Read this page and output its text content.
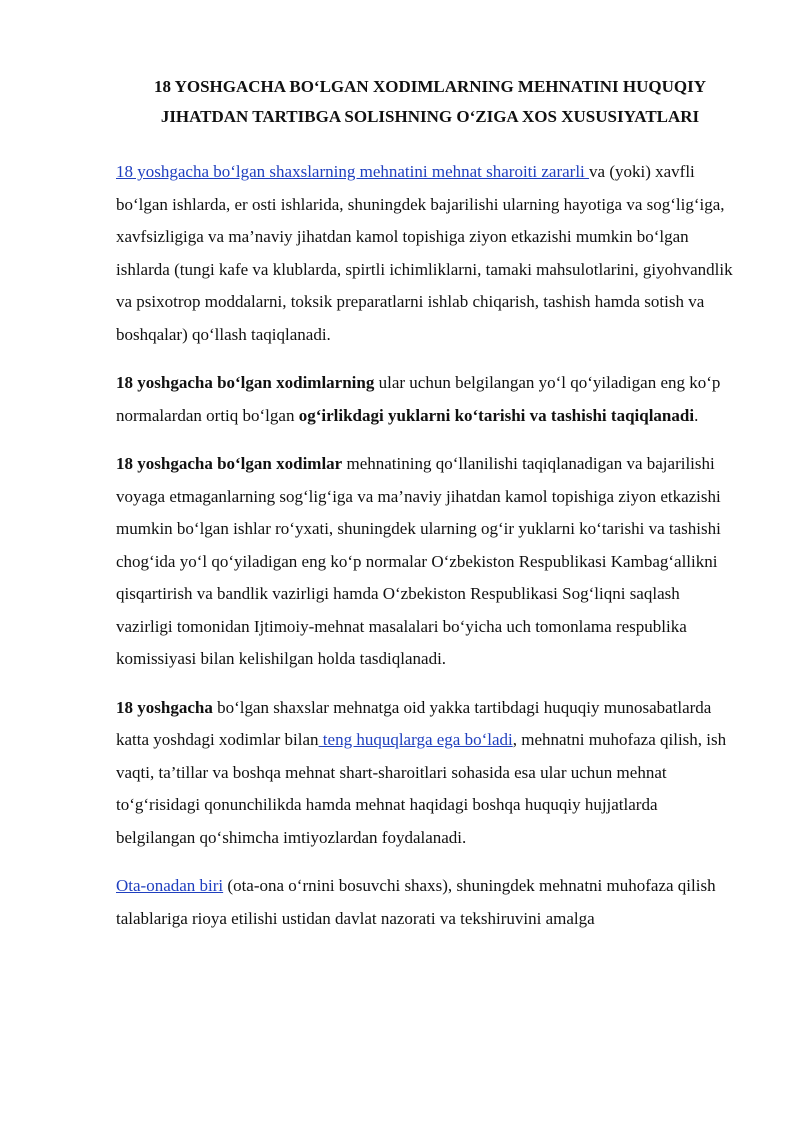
18 YOSHGACHA BO‘LGAN XODIMLARNING MEHNATINI HUQUQIY
JIHATDAN TARTIBGA SOLISHNING O‘ZIGA XOS XUSUSIYATLARI

18 yoshgacha bo‘lgan shaxslarning mehnatini mehnat sharoiti zararli va (yoki) xavfli bo‘lgan ishlarda, er osti ishlarida, shuningdek bajarilishi ularning hayotiga va sog‘lig‘iga, xavfsizligiga va ma’naviy jihatdan kamol topishiga ziyon etkazishi mumkin bo‘lgan ishlarda (tungi kafe va klublarda, spirtli ichimliklarni, tamaki mahsulotlarini, giyohvandlik va psixotrop moddalarni, toksik preparatlarni ishlab chiqarish, tashish hamda sotish va boshqalar) qo‘llash taqiqlanadi.

18 yoshgacha bo‘lgan xodimlarning ular uchun belgilangan yo‘l qo‘yiladigan eng ko‘p normalardan ortiq bo‘lgan og‘irlikdagi yuklarni ko‘tarishi va tashishi taqiqlanadi.

18 yoshgacha bo‘lgan xodimlar mehnatining qo‘llanilishi taqiqlanadigan va bajarilishi voyaga etmaganlarning sog‘lig‘iga va ma’naviy jihatdan kamol topishiga ziyon etkazishi mumkin bo‘lgan ishlar ro‘yxati, shuningdek ularning og‘ir yuklarni ko‘tarishi va tashishi chog‘ida yo‘l qo‘yiladigan eng ko‘p normalar O‘zbekiston Respublikasi Kambag‘allikni qisqartirish va bandlik vazirligi hamda O‘zbekiston Respublikasi Sog‘liqni saqlash vazirligi tomonidan Ijtimoiy-mehnat masalalari bo‘yicha uch tomonlama respublika komissiyasi bilan kelishilgan holda tasdiqlanadi.

18 yoshgacha bo‘lgan shaxslar mehnatga oid yakka tartibdagi huquqiy munosabatlarda katta yoshdagi xodimlar bilan teng huquqlarga ega bo‘ladi, mehnatni muhofaza qilish, ish vaqti, ta’tillar va boshqa mehnat shart-sharoitlari sohasida esa ular uchun mehnat to‘g‘risidagi qonunchilikda hamda mehnat haqidagi boshqa huquqiy hujjatlarda belgilangan qo‘shimcha imtiyozlardan foydalanadi.

Ota-onadan biri (ota-ona o‘rnini bosuvchi shaxs), shuningdek mehnatni muhofaza qilish talablariga rioya etilishi ustidan davlat nazorati va tekshiruvini amalga
